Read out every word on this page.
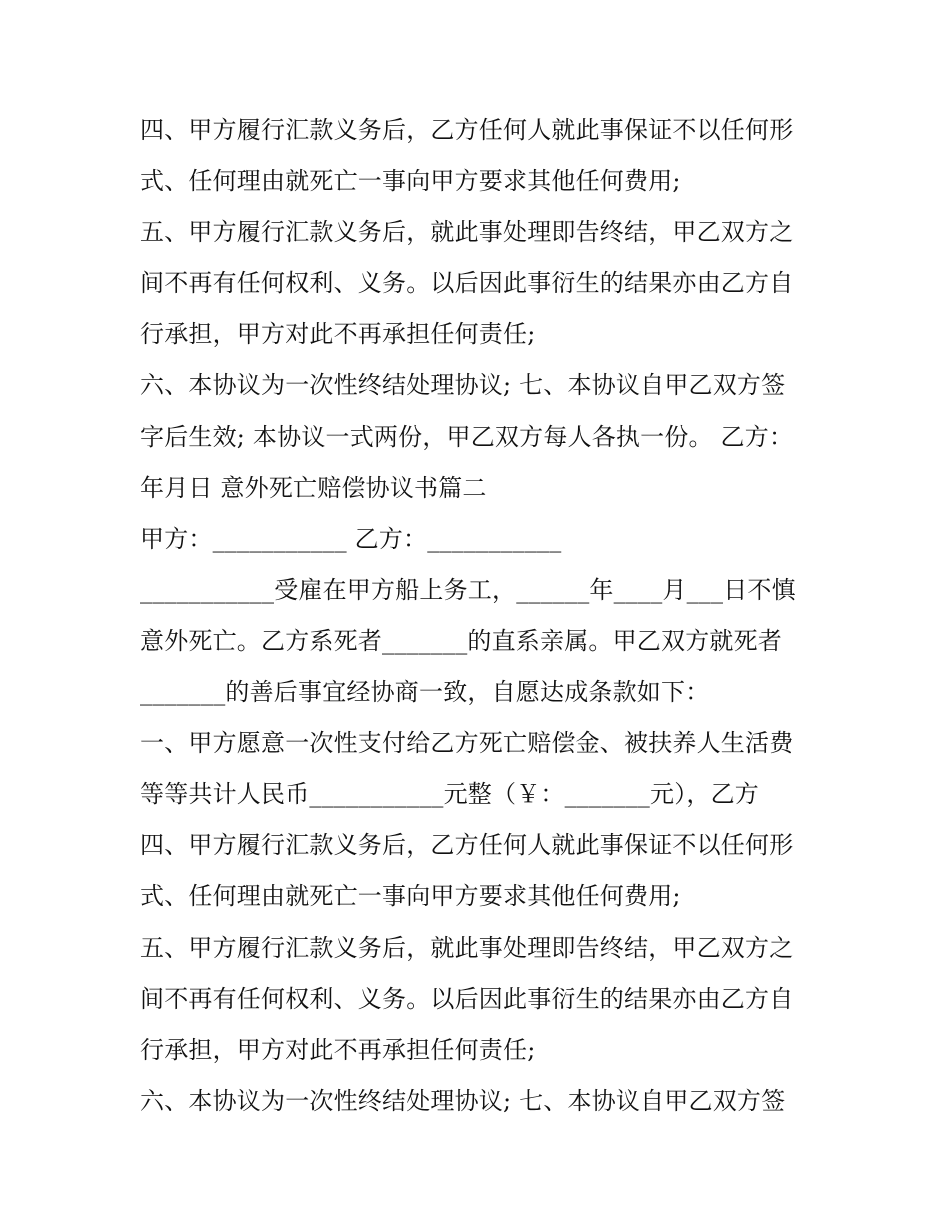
四、甲方履行汇款义务后，乙方任何人就此事保证不以任何形
式、任何理由就死亡一事向甲方要求其他任何费用;
五、甲方履行汇款义务后，就此事处理即告终结，甲乙双方之
间不再有任何权利、义务。以后因此事衍生的结果亦由乙方自
行承担，甲方对此不再承担任何责任;
六、本协议为一次性终结处理协议; 七、本协议自甲乙双方签
字后生效; 本协议一式两份，甲乙双方每人各执一份。 乙方：
年月日 意外死亡赔偿协议书篇二
甲方：___________ 乙方：___________
___________受雇在甲方船上务工，______年____月___日不慎
意外死亡。乙方系死者_______的直系亲属。甲乙双方就死者
_______的善后事宜经协商一致，自愿达成条款如下：
一、甲方愿意一次性支付给乙方死亡赔偿金、被扶养人生活费
等等共计人民币___________元整（￥：_______元），乙方
四、甲方履行汇款义务后，乙方任何人就此事保证不以任何形
式、任何理由就死亡一事向甲方要求其他任何费用;
五、甲方履行汇款义务后，就此事处理即告终结，甲乙双方之
间不再有任何权利、义务。以后因此事衍生的结果亦由乙方自
行承担，甲方对此不再承担任何责任;
六、本协议为一次性终结处理协议; 七、本协议自甲乙双方签
